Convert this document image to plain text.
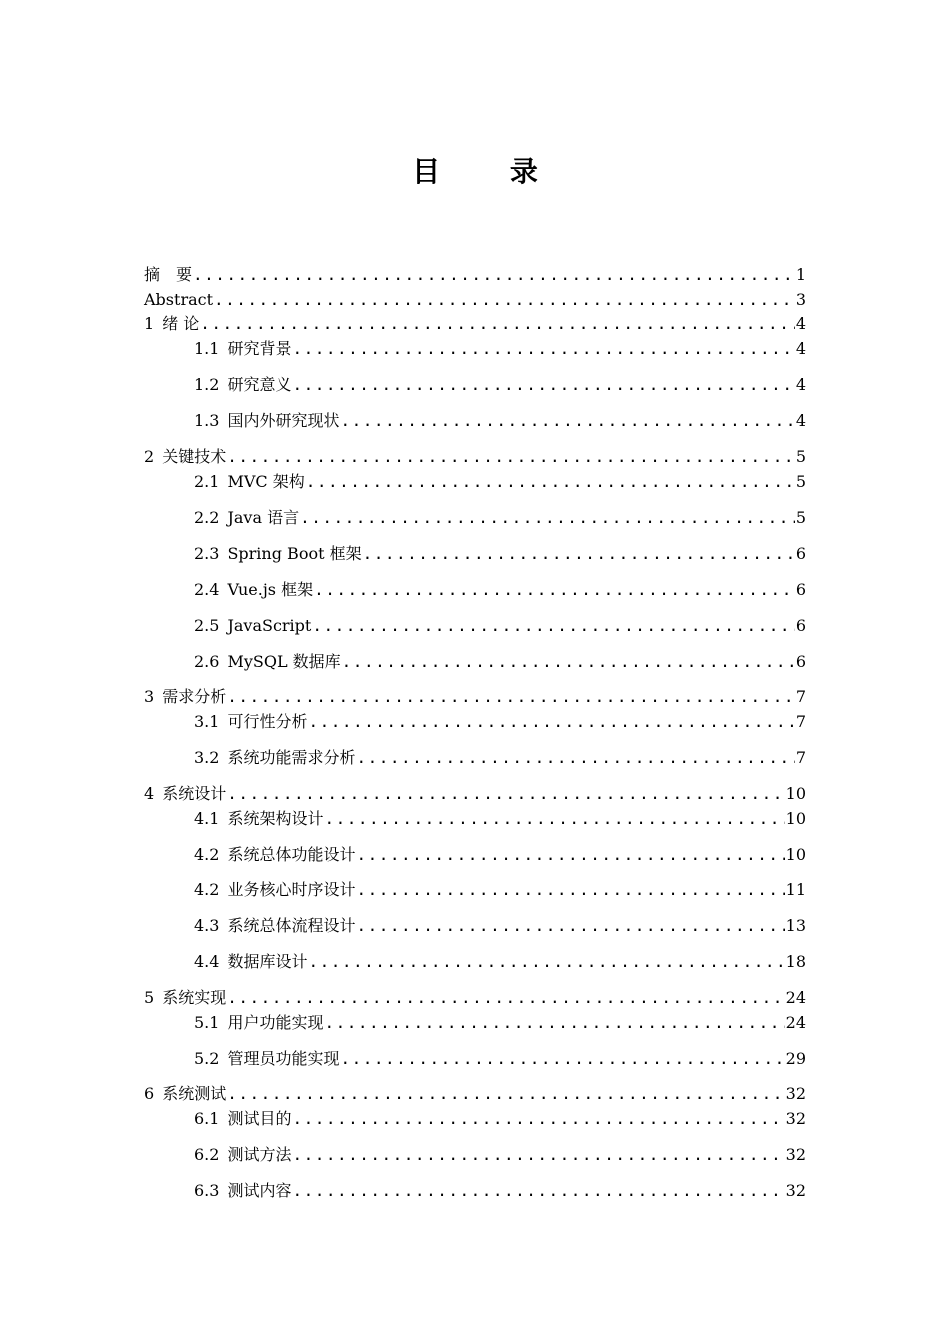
目 录
摘　要 .....	1
Abstract .....	3
1 绪 论 .....	4
1.1 研究背景 .....	4
1.2 研究意义 .....	4
1.3 国内外研究现状 .....	4
2 关键技术 .....	5
2.1 MVC 架构 .....	5
2.2 Java 语言 .....	5
2.3 Spring Boot 框架 .....	6
2.4 Vue.js 框架 .....	6
2.5 JavaScript .....	6
2.6 MySQL 数据库 .....	6
3 需求分析 .....	7
3.1 可行性分析 .....	7
3.2 系统功能需求分析 .....	7
4 系统设计 .....	10
4.1 系统架构设计 .....	10
4.2 系统总体功能设计 .....	10
4.2 业务核心时序设计 .....	11
4.3 系统总体流程设计 .....	13
4.4 数据库设计 .....	18
5 系统实现 .....	24
5.1 用户功能实现 .....	24
5.2 管理员功能实现 .....	29
6 系统测试 .....	32
6.1 测试目的 .....	32
6.2 测试方法 .....	32
6.3 测试内容 .....	32
